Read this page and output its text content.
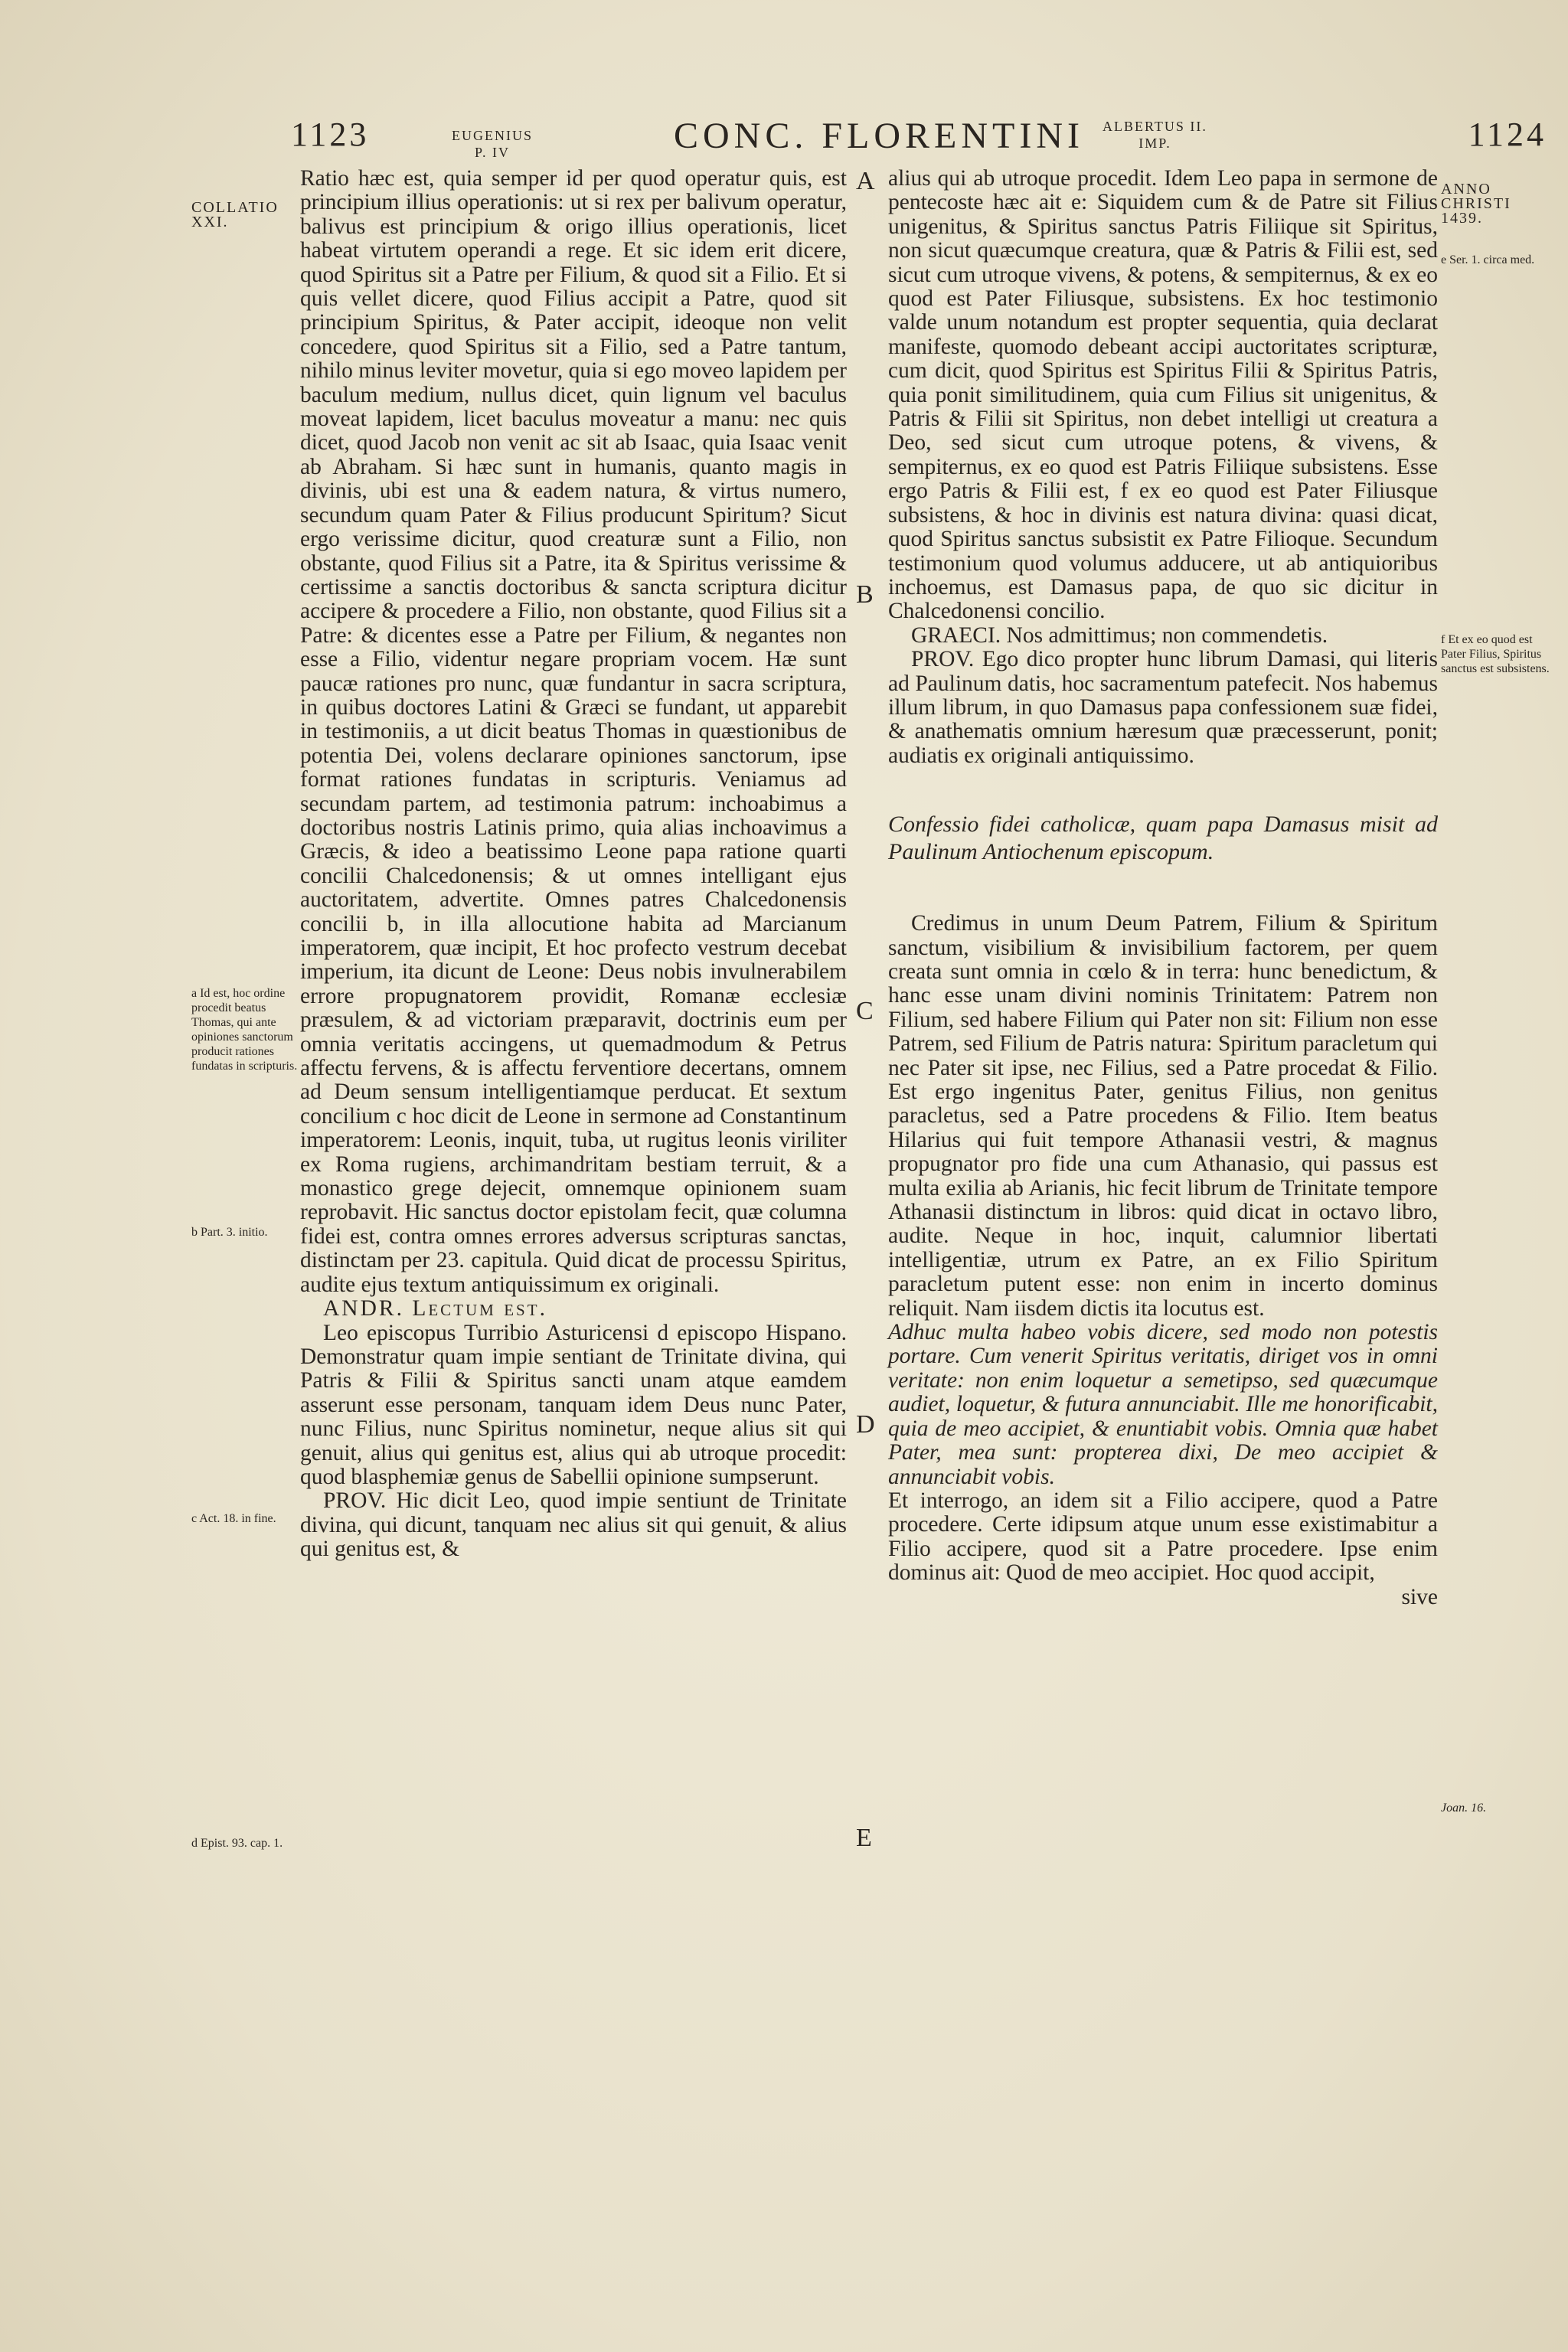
1123	EUGENIUS
P. IV	CONC. FLORENTINI ALBERTUS II.
IMP.	1124
COLLATIO XXI.
a Id est, hoc ordine procedit beatus Thomas, qui ante opiniones sanctorum producit rationes fundatas in scripturis.
b Part. 3. initio.
c Act. 18. in fine.
d Epist. 93. cap. 1.
ANNO CHRISTI 1439.
e Ser. 1. circa med.
f Et ex eo quod est Pater Filius, Spiritus sanctus est subsistens.
Joan. 16.
A
B
C
D
E

Ratio hæc est, quia semper id per quod operatur quis, est principium illius operationis: ut si rex per balivum operatur, balivus est principium & origo illius operationis, licet habeat virtutem operandi a rege. Et sic idem erit dicere, quod Spiritus sit a Patre per Filium, & quod sit a Filio. Et si quis vellet dicere, quod Filius accipit a Patre, quod sit principium Spiritus, & Pater accipit, ideoque non velit concedere, quod Spiritus sit a Filio, sed a Patre tantum, nihilo minus leviter movetur, quia si ego moveo lapidem per baculum medium, nullus dicet, quin lignum vel baculus moveat lapidem, licet baculus moveatur a manu: nec quis dicet, quod Jacob non venit ac sit ab Isaac, quia Isaac venit ab Abraham. Si hæc sunt in humanis, quanto magis in divinis, ubi est una & eadem natura, & virtus numero, secundum quam Pater & Filius producunt Spiritum? Sicut ergo verissime dicitur, quod creaturæ sunt a Filio, non obstante, quod Filius sit a Patre, ita & Spiritus verissime & certissime a sanctis doctoribus & sancta scriptura dicitur accipere & procedere a Filio, non obstante, quod Filius sit a Patre: & dicentes esse a Patre per Filium, & negantes non esse a Filio, videntur negare propriam vocem. Hæ sunt paucæ rationes pro nunc, quæ fundantur in sacra scriptura, in quibus doctores Latini & Græci se fundant, ut apparebit in testimoniis, a ut dicit beatus Thomas in quæstionibus de potentia Dei, volens declarare opiniones sanctorum, ipse format rationes fundatas in scripturis. Veniamus ad secundam partem, ad testimonia patrum: inchoabimus a doctoribus nostris Latinis primo, quia alias inchoavimus a Græcis, & ideo a beatissimo Leone papa ratione quarti concilii Chalcedonensis; & ut omnes intelligant ejus auctoritatem, advertite. Omnes patres Chalcedonensis concilii b, in illa allocutione habita ad Marcianum imperatorem, quæ incipit, Et hoc profecto vestrum decebat imperium, ita dicunt de Leone: Deus nobis invulnerabilem errore propugnatorem providit, Romanæ ecclesiæ præsulem, & ad victoriam præparavit, doctrinis eum per omnia veritatis accingens, ut quemadmodum & Petrus affectu fervens, & is affectu ferventiore decertans, omnem ad Deum sensum intelligentiamque perducat. Et sextum concilium c hoc dicit de Leone in sermone ad Constantinum imperatorem: Leonis, inquit, tuba, ut rugitus leonis viriliter ex Roma rugiens, archimandritam bestiam terruit, & a monastico grege dejecit, omnemque opinionem suam reprobavit. Hic sanctus doctor epistolam fecit, quæ columna fidei est, contra omnes errores adversus scripturas sanctas, distinctam per 23. capitula. Quid dicat de processu Spiritus, audite ejus textum antiquissimum ex originali.

ANDR. Lectum est.

Leo episcopus Turribio Asturicensi d episcopo Hispano. Demonstratur quam impie sentiant de Trinitate divina, qui Patris & Filii & Spiritus sancti unam atque eamdem asserunt esse personam, tanquam idem Deus nunc Pater, nunc Filius, nunc Spiritus nominetur, neque alius sit qui genuit, alius qui genitus est, alius qui ab utroque procedit: quod blasphemiæ genus de Sabellii opinione sumpserunt.

PROV. Hic dicit Leo, quod impie sentiunt de Trinitate divina, qui dicunt, tanquam nec alius sit qui genuit, & alius qui genitus est, &

alius qui ab utroque procedit. Idem Leo papa in sermone de pentecoste hæc ait e: Siquidem cum & de Patre sit Filius unigenitus, & Spiritus sanctus Patris Filiique sit Spiritus, non sicut quæcumque creatura, quæ & Patris & Filii est, sed sicut cum utroque vivens, & potens, & sempiternus, & ex eo quod est Pater Filiusque, subsistens. Ex hoc testimonio valde unum notandum est propter sequentia, quia declarat manifeste, quomodo debeant accipi auctoritates scripturæ, cum dicit, quod Spiritus est Spiritus Filii & Spiritus Patris, quia ponit similitudinem, quia cum Filius sit unigenitus, & Patris & Filii sit Spiritus, non debet intelligi ut creatura a Deo, sed sicut cum utroque potens, & vivens, & sempiternus, ex eo quod est Patris Filiique subsistens. Esse ergo Patris & Filii est, f ex eo quod est Pater Filiusque subsistens, & hoc in divinis est natura divina: quasi dicat, quod Spiritus sanctus subsistit ex Patre Filioque. Secundum testimonium quod volumus adducere, ut ab antiquioribus inchoemus, est Damasus papa, de quo sic dicitur in Chalcedonensi concilio.

GRAECI. Nos admittimus; non commendetis.

PROV. Ego dico propter hunc librum Damasi, qui literis ad Paulinum datis, hoc sacramentum patefecit. Nos habemus illum librum, in quo Damasus papa confessionem suæ fidei, & anathematis omnium hæresum quæ præcesserunt, ponit; audiatis ex originali antiquissimo.

Confessio fidei catholicæ, quam papa Damasus misit ad Paulinum Antiochenum episcopum.

Credimus in unum Deum Patrem, Filium & Spiritum sanctum, visibilium & invisibilium factorem, per quem creata sunt omnia in cœlo & in terra: hunc benedictum, & hanc esse unam divini nominis Trinitatem: Patrem non Filium, sed habere Filium qui Pater non sit: Filium non esse Patrem, sed Filium de Patris natura: Spiritum paracletum qui nec Pater sit ipse, nec Filius, sed a Patre procedat & Filio. Est ergo ingenitus Pater, genitus Filius, non genitus paracletus, sed a Patre procedens & Filio. Item beatus Hilarius qui fuit tempore Athanasii vestri, & magnus propugnator pro fide una cum Athanasio, qui passus est multa exilia ab Arianis, hic fecit librum de Trinitate tempore Athanasii distinctum in libros: quid dicat in octavo libro, audite. Neque in hoc, inquit, calumnior libertati intelligentiæ, utrum ex Patre, an ex Filio Spiritum paracletum putent esse: non enim in incerto dominus reliquit. Nam iisdem dictis ita locutus est.

Adhuc multa habeo vobis dicere, sed modo non potestis portare. Cum venerit Spiritus veritatis, diriget vos in omni veritate: non enim loquetur a semetipso, sed quæcumque audiet, loquetur, & futura annunciabit. Ille me honorificabit, quia de meo accipiet, & enuntiabit vobis. Omnia quæ habet Pater, mea sunt: propterea dixi, De meo accipiet & annunciabit vobis.

Et interrogo, an idem sit a Filio accipere, quod a Patre procedere. Certe idipsum atque unum esse existimabitur a Filio accipere, quod sit a Patre procedere. Ipse enim dominus ait: Quod de meo accipiet. Hoc quod accipit,

sive
